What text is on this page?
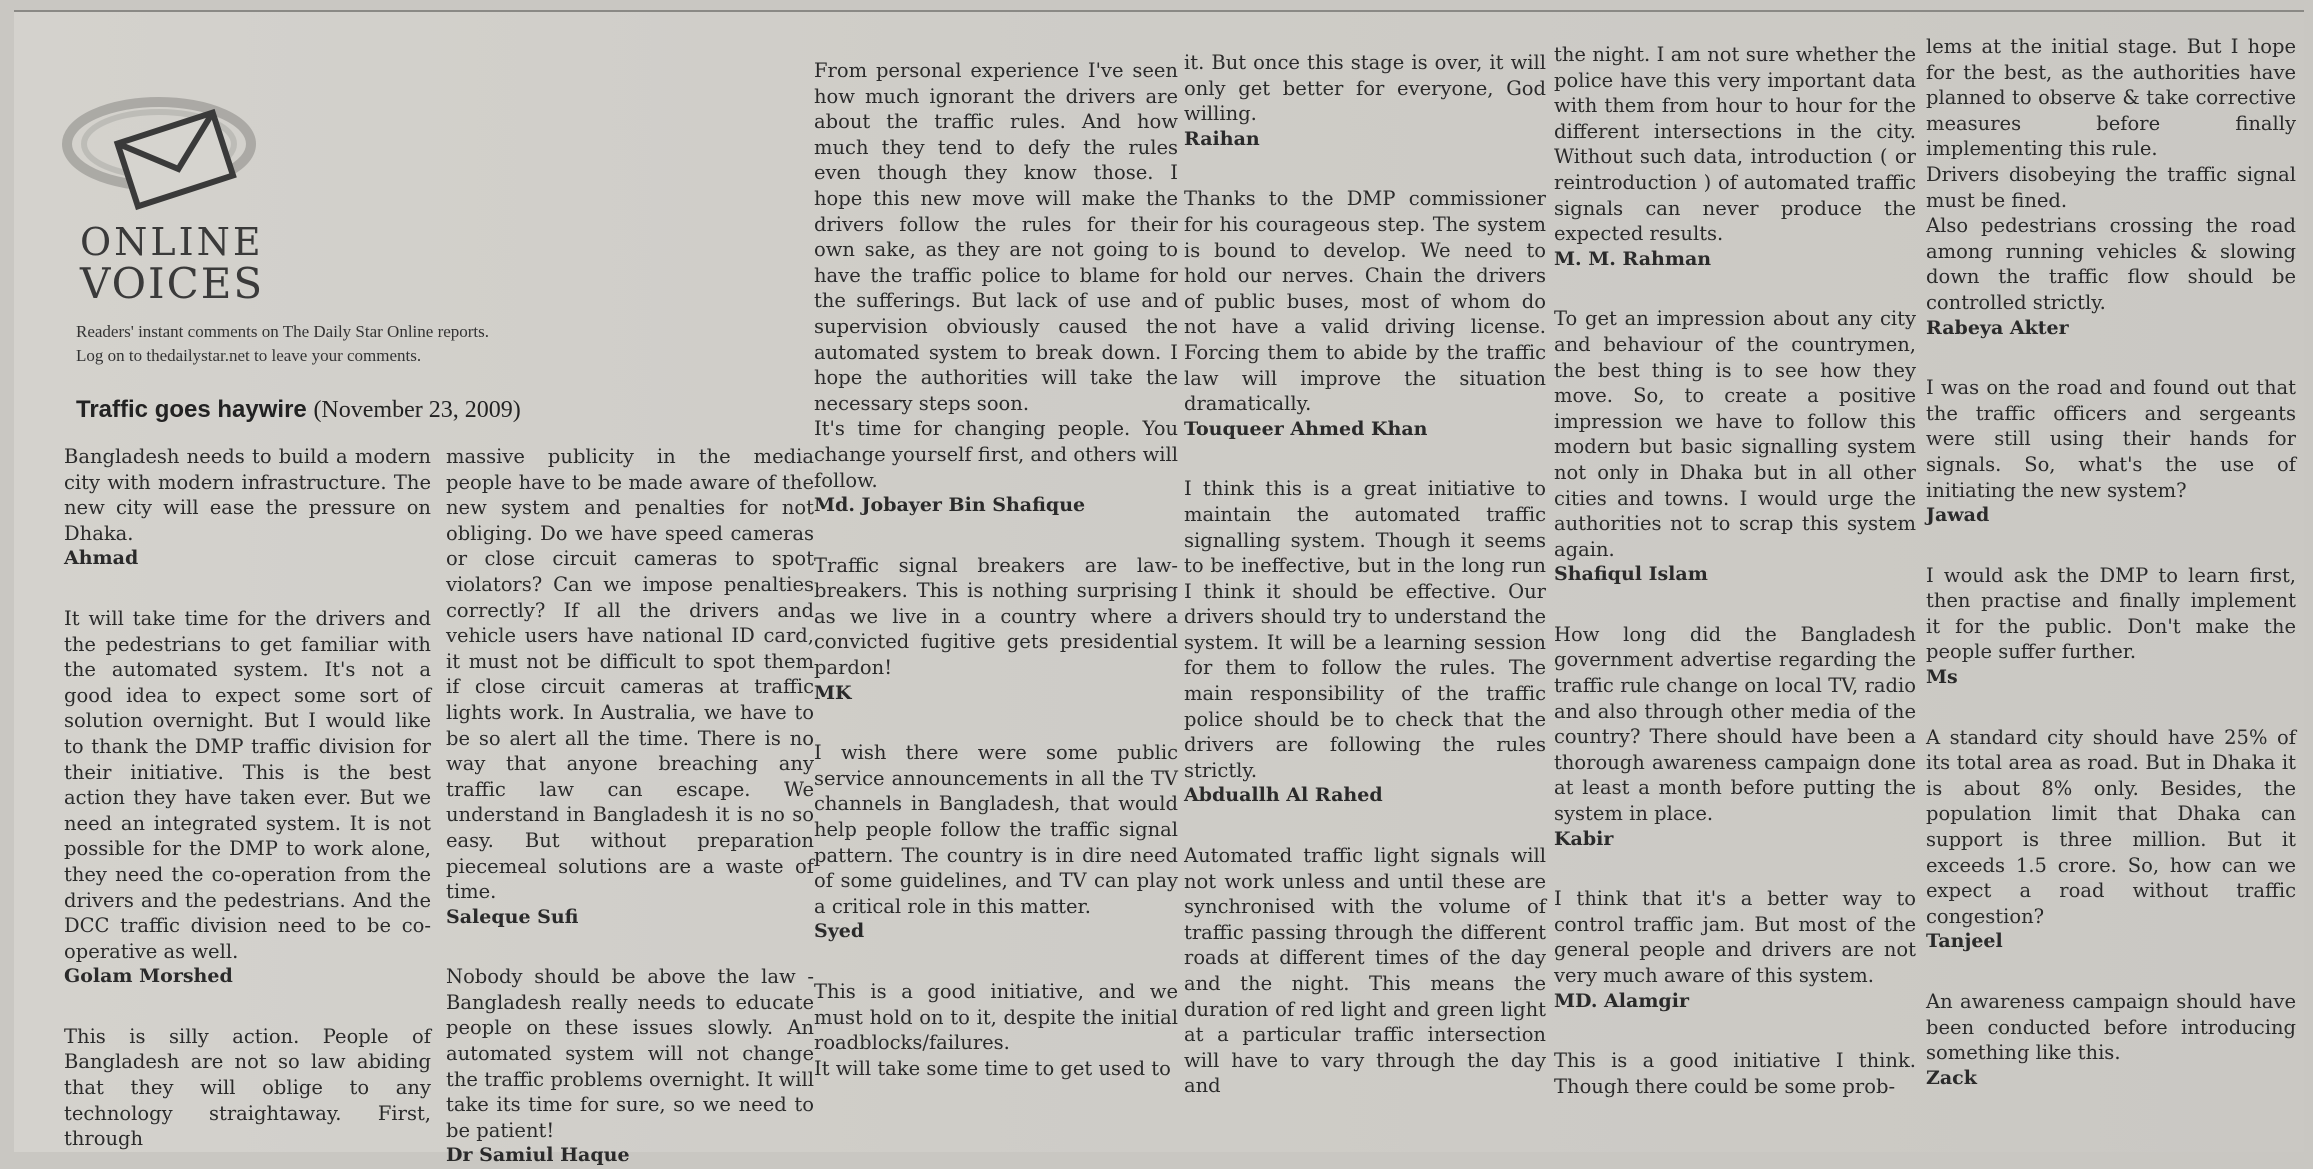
ONLINE
VOICES
Readers' instant comments on The Daily Star Online reports.
Log on to thedailystar.net to leave your comments.
Traffic goes haywire (November 23, 2009)

Bangladesh needs to build a modern city with modern infrastructure. The new city will ease the pressure on Dhaka.

Ahmad

It will take time for the drivers and the pedestrians to get familiar with the automated system. It's not a good idea to expect some sort of solution overnight. But I would like to thank the DMP traffic division for their initiative. This is the best action they have taken ever. But we need an integrated system. It is not possible for the DMP to work alone, they need the co-operation from the drivers and the pedestrians. And the DCC traffic division need to be co-operative as well.

Golam Morshed

This is silly action. People of Bangladesh are not so law abiding that they will oblige to any technology straightaway. First, through

massive publicity in the media people have to be made aware of the new system and penalties for not obliging. Do we have speed cameras or close circuit cameras to spot violators? Can we impose penalties correctly? If all the drivers and vehicle users have national ID card, it must not be difficult to spot them if close circuit cameras at traffic lights work. In Australia, we have to be so alert all the time. There is no way that anyone breaching any traffic law can escape. We understand in Bangladesh it is no so easy. But without preparation piecemeal solutions are a waste of time.

Saleque Sufi

Nobody should be above the law - Bangladesh really needs to educate people on these issues slowly. An automated system will not change the traffic problems overnight. It will take its time for sure, so we need to be patient!

Dr Samiul Haque

From personal experience I've seen how much ignorant the drivers are about the traffic rules. And how much they tend to defy the rules even though they know those. I hope this new move will make the drivers follow the rules for their own sake, as they are not going to have the traffic police to blame for the sufferings. But lack of use and supervision obviously caused the automated system to break down. I hope the authorities will take the necessary steps soon.

It's time for changing people. You change yourself first, and others will follow.

Md. Jobayer Bin Shafique

Traffic signal breakers are law-breakers. This is nothing surprising as we live in a country where a convicted fugitive gets presidential pardon!

MK

I wish there were some public service announcements in all the TV channels in Bangladesh, that would help people follow the traffic signal pattern. The country is in dire need of some guidelines, and TV can play a critical role in this matter.

Syed

This is a good initiative, and we must hold on to it, despite the initial roadblocks/failures.

It will take some time to get used to

it. But once this stage is over, it will only get better for everyone, God willing.

Raihan

Thanks to the DMP commissioner for his courageous step. The system is bound to develop. We need to hold our nerves. Chain the drivers of public buses, most of whom do not have a valid driving license. Forcing them to abide by the traffic law will improve the situation dramatically.

Touqueer Ahmed Khan

I think this is a great initiative to maintain the automated traffic signalling system. Though it seems to be ineffective, but in the long run I think it should be effective. Our drivers should try to understand the system. It will be a learning session for them to follow the rules. The main responsibility of the traffic police should be to check that the drivers are following the rules strictly.

Abduallh Al Rahed

Automated traffic light signals will not work unless and until these are synchronised with the volume of traffic passing through the different roads at different times of the day and the night. This means the duration of red light and green light at a particular traffic intersection will have to vary through the day and

the night. I am not sure whether the police have this very important data with them from hour to hour for the different intersections in the city. Without such data, introduction ( or reintroduction ) of automated traffic signals can never produce the expected results.

M. M. Rahman

To get an impression about any city and behaviour of the countrymen, the best thing is to see how they move. So, to create a positive impression we have to follow this modern but basic signalling system not only in Dhaka but in all other cities and towns. I would urge the authorities not to scrap this system again.

Shafiqul Islam

How long did the Bangladesh government advertise regarding the traffic rule change on local TV, radio and also through other media of the country? There should have been a thorough awareness campaign done at least a month before putting the system in place.

Kabir

I think that it's a better way to control traffic jam. But most of the general people and drivers are not very much aware of this system.

MD. Alamgir

This is a good initiative I think. Though there could be some prob-

lems at the initial stage. But I hope for the best, as the authorities have planned to observe & take corrective measures before finally implementing this rule.

Drivers disobeying the traffic signal must be fined.

Also pedestrians crossing the road among running vehicles & slowing down the traffic flow should be controlled strictly.

Rabeya Akter

I was on the road and found out that the traffic officers and sergeants were still using their hands for signals. So, what's the use of initiating the new system?

Jawad

I would ask the DMP to learn first, then practise and finally implement it for the public. Don't make the people suffer further.

Ms

A standard city should have 25% of its total area as road. But in Dhaka it is about 8% only. Besides, the population limit that Dhaka can support is three million. But it exceeds 1.5 crore. So, how can we expect a road without traffic congestion?

Tanjeel

An awareness campaign should have been conducted before introducing something like this.

Zack
